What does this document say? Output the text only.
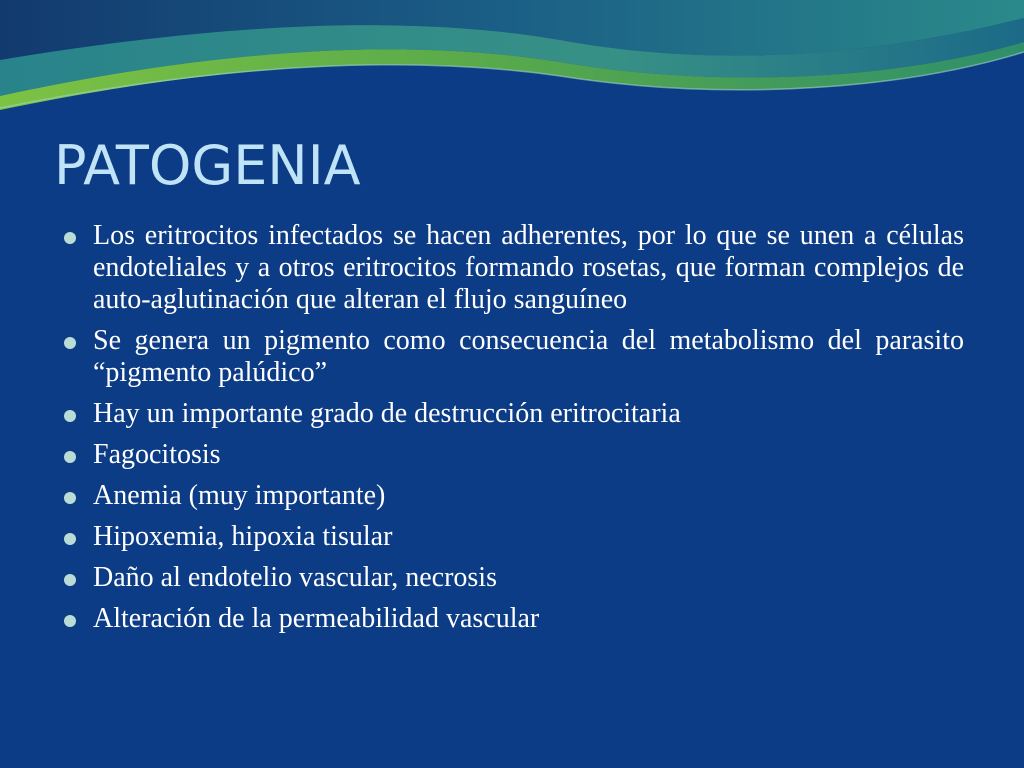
PATOGENIA
Los eritrocitos infectados se hacen adherentes, por lo que se unen a células endoteliales y a otros eritrocitos formando rosetas, que forman complejos de auto-aglutinación que alteran el flujo sanguíneo
Se genera un pigmento como consecuencia del metabolismo del parasito “pigmento palúdico”
Hay un importante grado de destrucción eritrocitaria
Fagocitosis
Anemia (muy importante)
Hipoxemia, hipoxia tisular
Daño al endotelio vascular, necrosis
Alteración de la permeabilidad vascular
